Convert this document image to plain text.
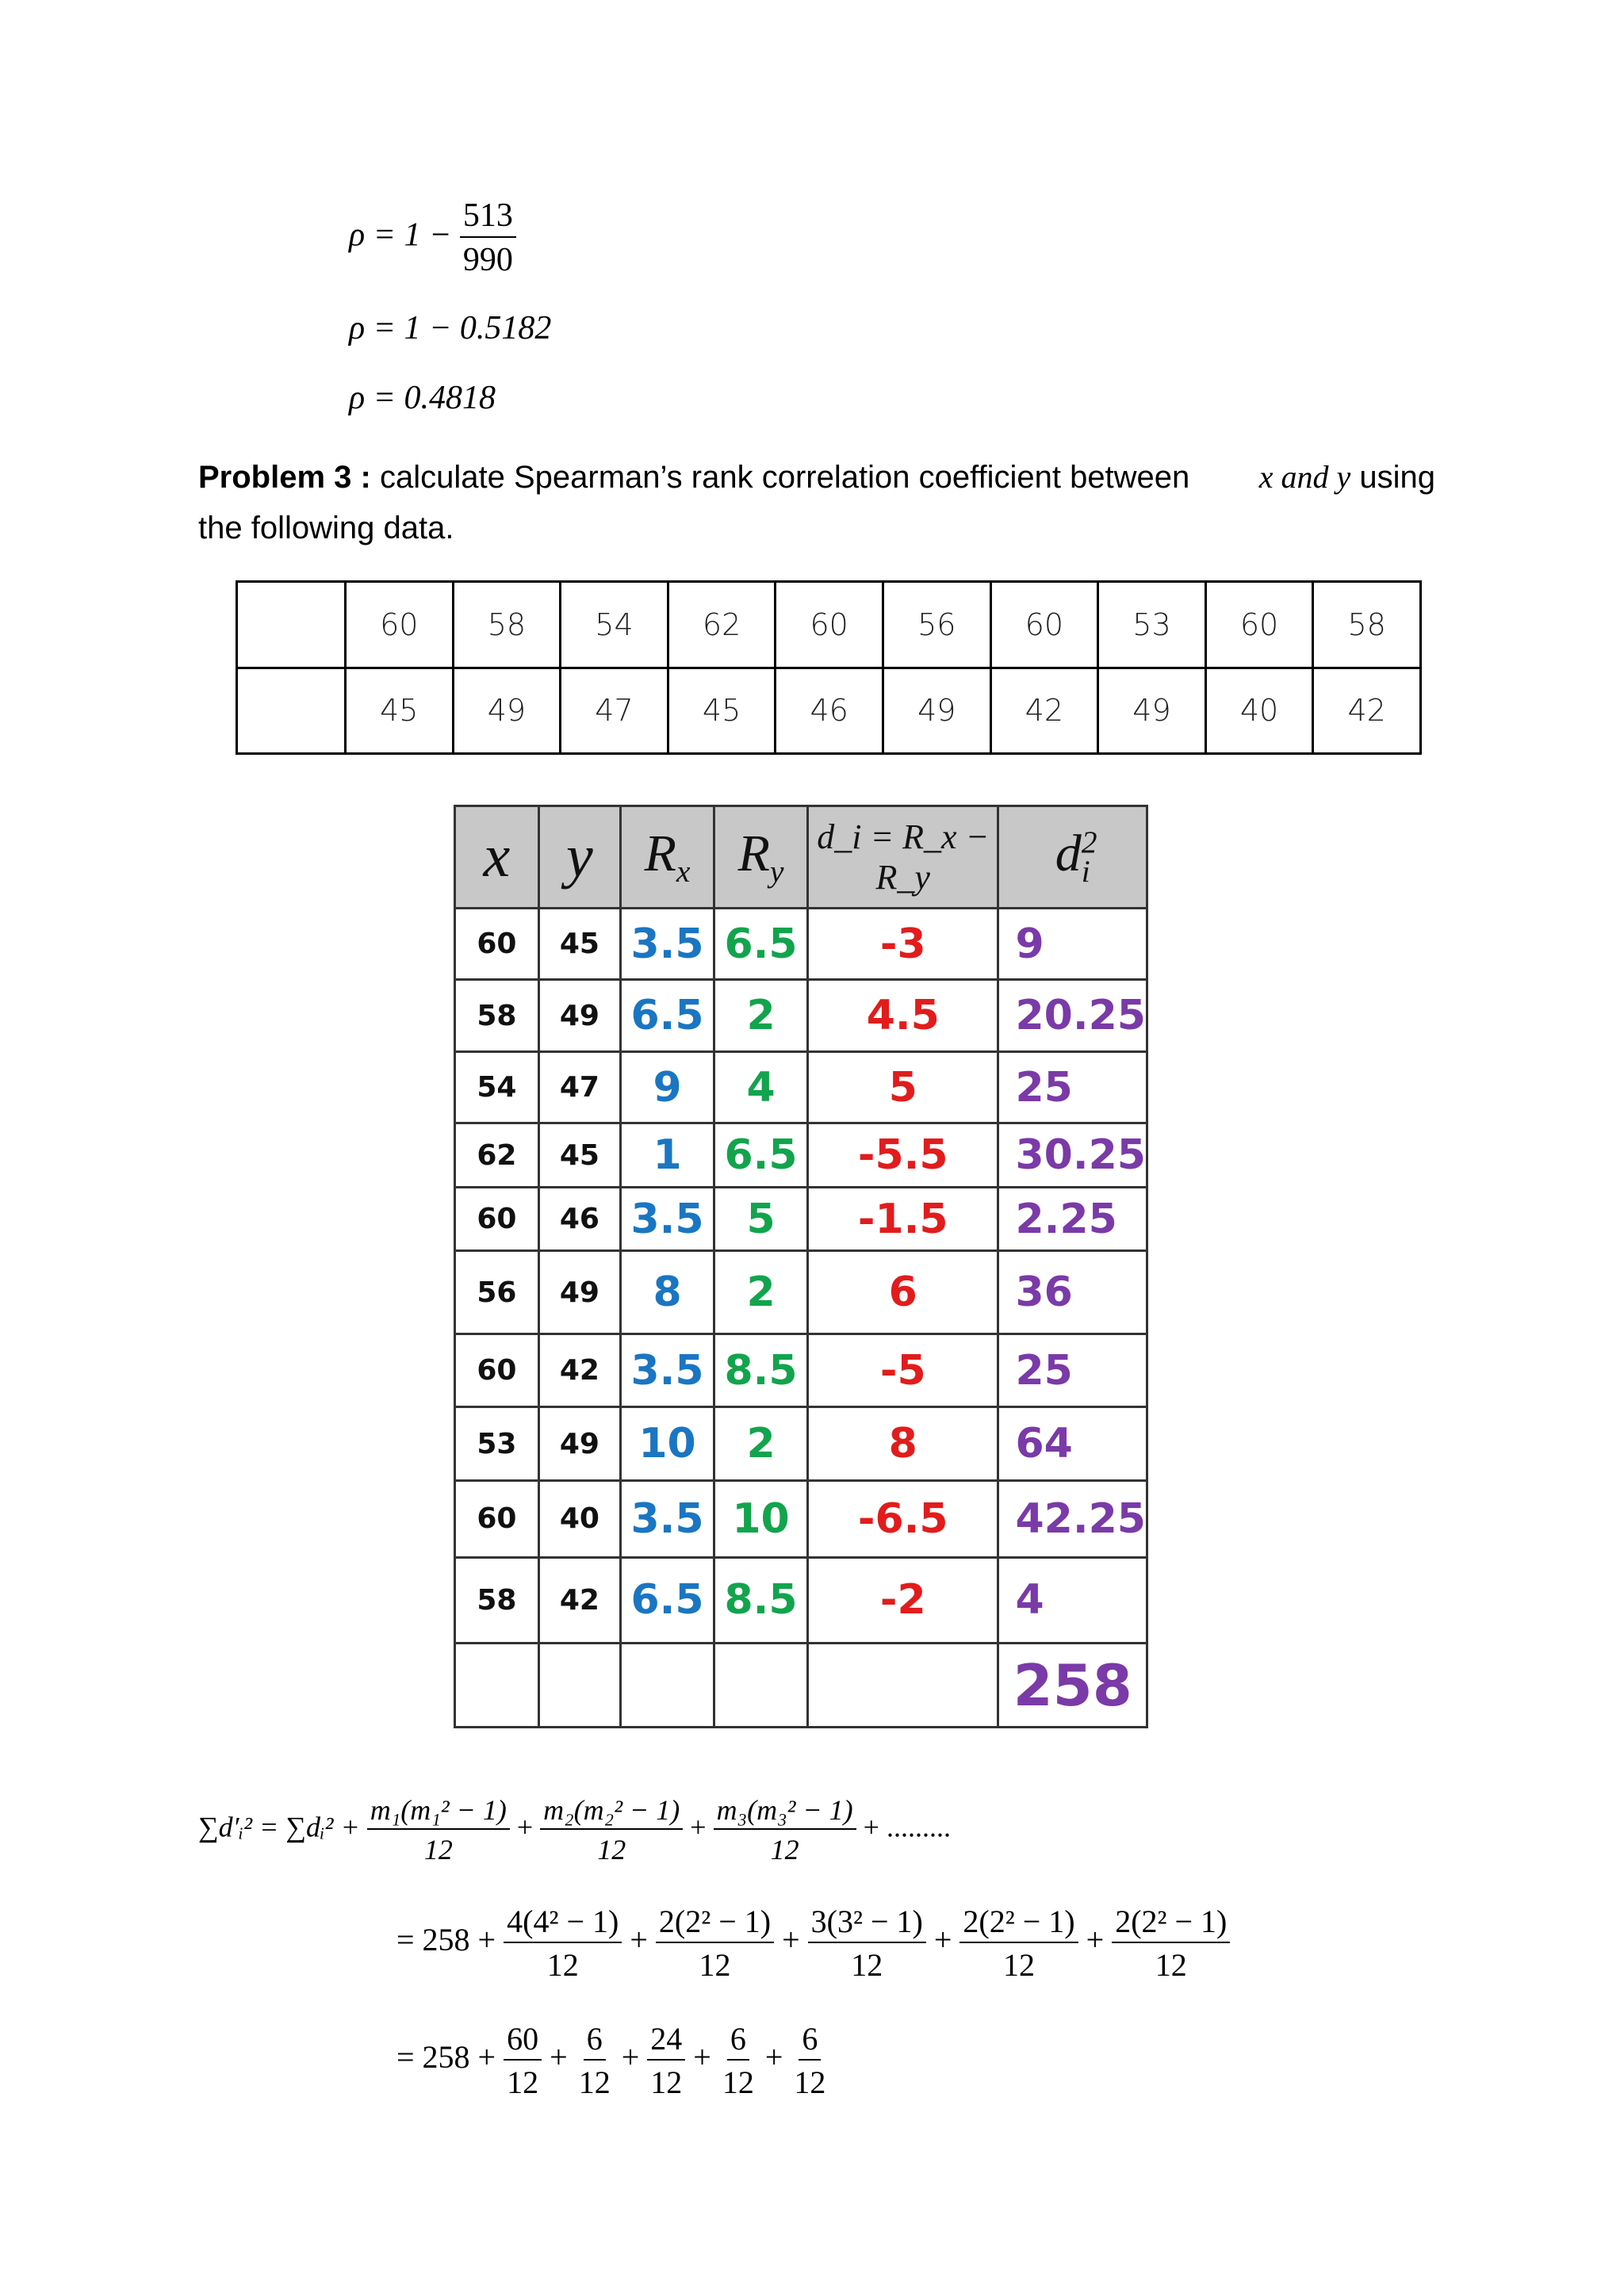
$\rho = 1 - \frac{513}{990}$
ρ = 1 − 0.5182
ρ = 0.4818
Problem 3 : calculate Spearman’s rank correlation coefficient between x and y using
the following data.
	60	58	54	62	60	56	60	53	60	58
	45	49	47	45	46	49	42	49	40	42
x	y	$R_x$	$R_y$	d_i = R_x − R_y	$d^2_i$
60	45	3.5	6.5	-3	9
58	49	6.5	2	4.5	20.25
54	47	9	4	5	25
62	45	1	6.5	-5.5	30.25
60	46	3.5	5	-1.5	2.25
56	49	8	2	6	36
60	42	3.5	8.5	-5	25
53	49	10	2	8	64
60	40	3.5	10	-6.5	42.25
58	42	6.5	8.5	-2	4
					258
∑d′ᵢ² = ∑dᵢ² + $\frac{\text{m₁(m₁² − 1)}}{12} + \frac{\text{m₂(m₂² − 1)}}{12} + \frac{\text{m₃(m₃² − 1)}}{12}$ + .........
= $258 + \frac{\text{4(4² − 1)}}{12} + \frac{\text{2(2² − 1)}}{12} + \frac{\text{3(3² − 1)}}{12} + \frac{\text{2(2² − 1)}}{12} + \frac{\text{2(2² − 1)}}{12}$
= $258 + \frac{60}{12} + \frac{6}{12} + \frac{24}{12} + \frac{6}{12} + \frac{6}{12}$
